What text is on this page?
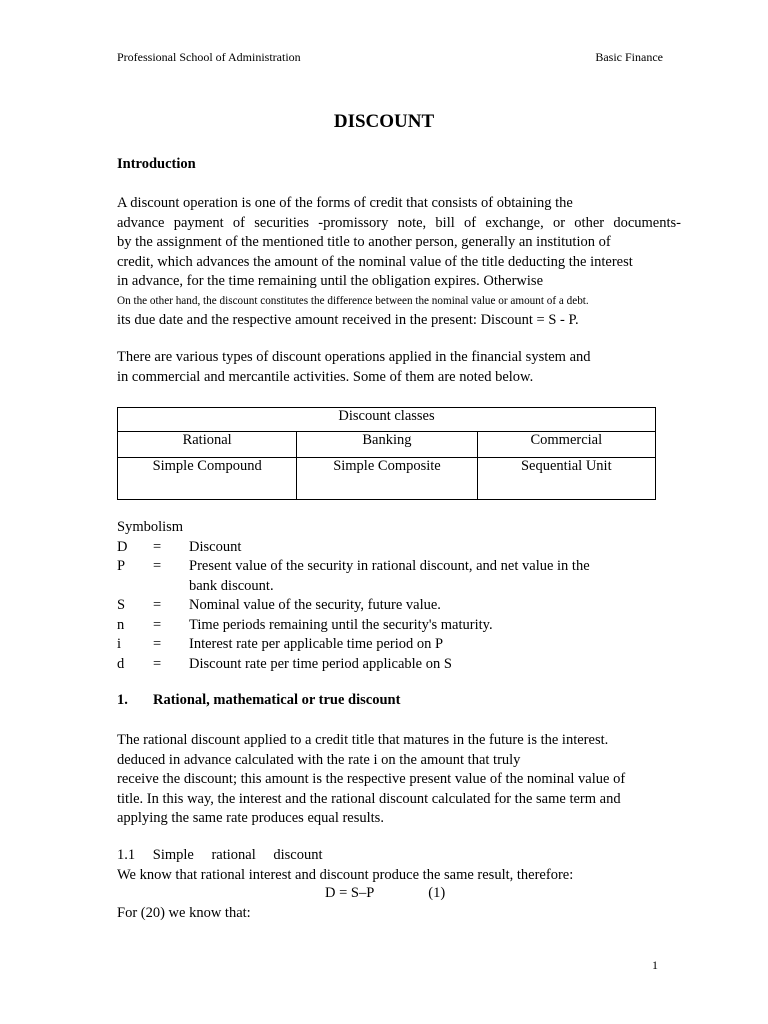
Professional School of Administration	Basic Finance
DISCOUNT
Introduction
A discount operation is one of the forms of credit that consists of obtaining the
advance payment of securities -promissory note, bill of exchange, or other documents-
by the assignment of the mentioned title to another person, generally an institution of
credit, which advances the amount of the nominal value of the title deducting the interest
in advance, for the time remaining until the obligation expires. Otherwise
On the other hand, the discount constitutes the difference between the nominal value or amount of a debt.
its due date and the respective amount received in the present: Discount = S - P.
There are various types of discount operations applied in the financial system and
in commercial and mercantile activities. Some of them are noted below.
Discount classes		
Rational	Banking	Commercial
Simple Compound	Simple Composite	Sequential Unit
Symbolism
D = Discount
P = Present value of the security in rational discount, and net value in the
bank discount.
S = Nominal value of the security, future value.
n = Time periods remaining until the security's maturity.
i = Interest rate per applicable time period on P
d = Discount rate per time period applicable on S
1. Rational, mathematical or true discount
The rational discount applied to a credit title that matures in the future is the interest.
deduced in advance calculated with the rate i on the amount that truly
receive the discount; this amount is the respective present value of the nominal value of
title. In this way, the interest and the rational discount calculated for the same term and
applying the same rate produces equal results.
1.1 Simple rational discount
We know that rational interest and discount produce the same result, therefore:
D = S–P	(1)
For (20) we know that:
1
